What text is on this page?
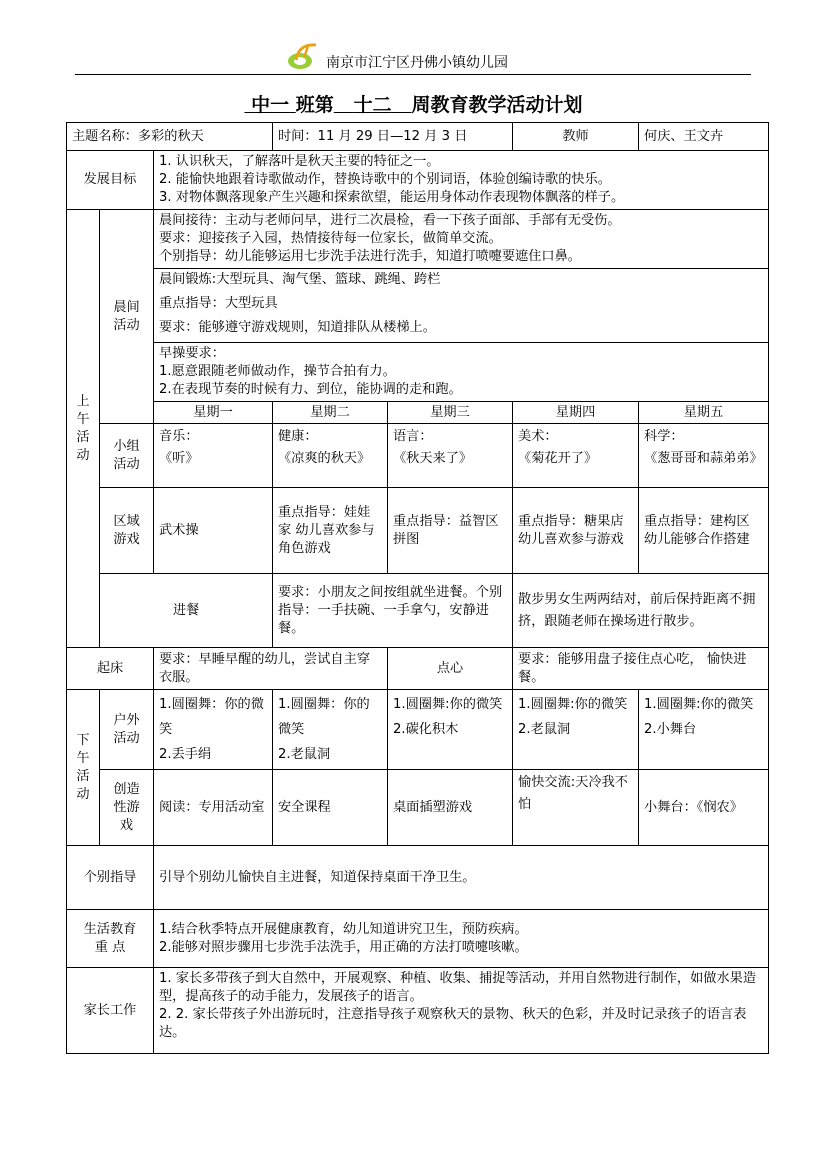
南京市江宁区丹佛小镇幼儿园
中一 班第 十二 周教育教学活动计划
主题名称：多彩的秋天			时间：11 月 29 日—12 月 3 日		教师	何庆、王文卉
发展目标		1. 认识秋天，了解落叶是秋天主要的特征之一。
2. 能愉快地跟着诗歌做动作，替换诗歌中的个别词语，体验创编诗歌的快乐。
3. 对物体飘落现象产生兴趣和探索欲望，能运用身体动作表现物体飘落的样子。				

上
午
活
动	晨间
活动	晨间接待：主动与老师问早，进行二次晨检，看一下孩子面部、手部有无受伤。
要求：迎接孩子入园，热情接待每一位家长，做简单交流。
个别指导：幼儿能够运用七步洗手法进行洗手，知道打喷嚏要遮住口鼻。				

		晨间锻炼:大型玩具、淘气堡、篮球、跳绳、跨栏
重点指导：大型玩具
要求：能够遵守游戏规则，知道排队从楼梯上。				

		早操要求：
1.愿意跟随老师做动作，操节合拍有力。
2.在表现节奏的时候有力、到位，能协调的走和跑。				

		星期一	星期二	星期三	星期四	星期五

	小组
活动	音乐：
《听》	健康：
《凉爽的秋天》	语言：
《秋天来了》	美术：
《菊花开了》	科学：
《葱哥哥和蒜弟弟》

	区域
游戏	武术操	重点指导：娃娃家 幼儿喜欢参与角色游戏	重点指导：益智区 拼图	重点指导：糖果店 幼儿喜欢参与游戏	重点指导：建构区 幼儿能够合作搭建
	进餐		要求：小朋友之间按组就坐进餐。个别指导：一手扶碗、一手拿勺，安静进餐。		散步男女生两两结对，前后保持距离不拥挤，跟随老师在操场进行散步。	
起床		要求：早睡早醒的幼儿，尝试自主穿衣服。		点心	要求：能够用盘子接住点心吃， 愉快进餐。	

下
午
活
动	户外
活动	1.圆圈舞：你的微笑
2.丢手绢	1.圆圈舞：你的微笑
2.老鼠洞	1.圆圈舞:你的微笑
2.碳化积木	1.圆圈舞:你的微笑
2.老鼠洞	1.圆圈舞:你的微笑
2.小舞台

	创造
性游
戏	阅读：专用活动室	安全课程	桌面插塑游戏	愉快交流:天冷我不怕	小舞台：《悯农》
个别指导		引导个别幼儿愉快自主进餐，知道保持桌面干净卫生。				

生活教育
重 点		1.结合秋季特点开展健康教育，幼儿知道讲究卫生，预防疾病。
2.能够对照步骤用七步洗手法洗手，用正确的方法打喷嚏咳嗽。				

家长工作		1. 家长多带孩子到大自然中，开展观察、种植、收集、捕捉等活动，并用自然物进行制作，如做水果造型，提高孩子的动手能力，发展孩子的语言。
2. 2. 家长带孩子外出游玩时，注意指导孩子观察秋天的景物、秋天的色彩，并及时记录孩子的语言表达。				
